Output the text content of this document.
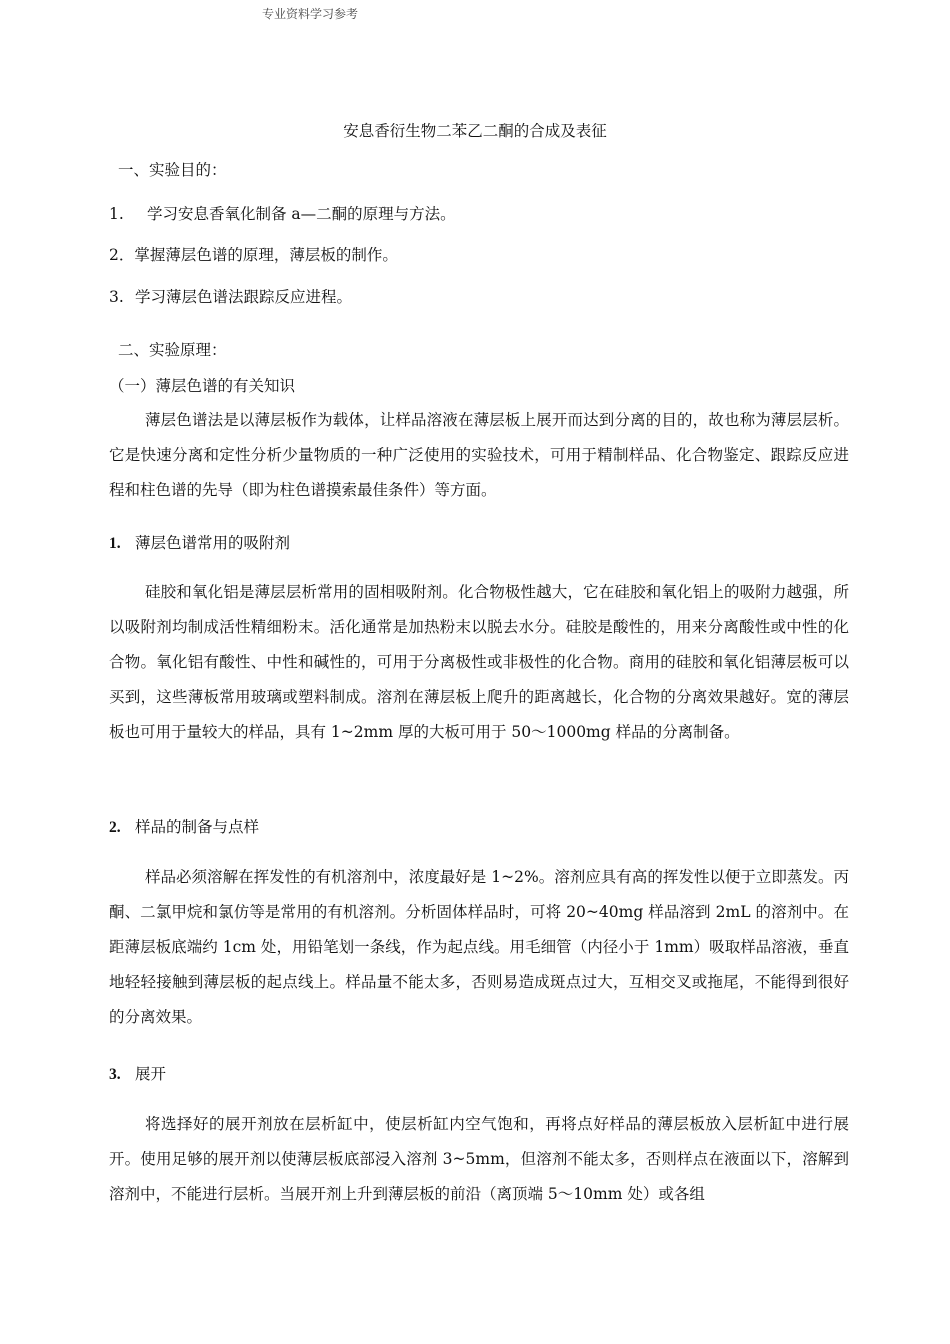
专业资料学习参考
安息香衍生物二苯乙二酮的合成及表征
一、实验目的：
1. 学习安息香氧化制备 a—二酮的原理与方法。
2．掌握薄层色谱的原理，薄层板的制作。
3. 学习薄层色谱法跟踪反应进程。
二、实验原理：
（一）薄层色谱的有关知识

薄层色谱法是以薄层板作为载体，让样品溶液在薄层板上展开而达到分离的目的，故也称为薄层层析。它是快速分离和定性分析少量物质的一种广泛使用的实验技术，可用于精制样品、化合物鉴定、跟踪反应进程和柱色谱的先导（即为柱色谱摸索最佳条件）等方面。

1. 薄层色谱常用的吸附剂

硅胶和氧化铝是薄层层析常用的固相吸附剂。化合物极性越大，它在硅胶和氧化铝上的吸附力越强，所以吸附剂均制成活性精细粉末。活化通常是加热粉末以脱去水分。硅胶是酸性的，用来分离酸性或中性的化合物。氧化铝有酸性、中性和碱性的，可用于分离极性或非极性的化合物。商用的硅胶和氧化铝薄层板可以买到，这些薄板常用玻璃或塑料制成。溶剂在薄层板上爬升的距离越长，化合物的分离效果越好。宽的薄层板也可用于量较大的样品，具有 1~2mm 厚的大板可用于 50～1000mg 样品的分离制备。

2. 样品的制备与点样

样品必须溶解在挥发性的有机溶剂中，浓度最好是 1~2%。溶剂应具有高的挥发性以便于立即蒸发。丙酮、二氯甲烷和氯仿等是常用的有机溶剂。分析固体样品时，可将 20~40mg 样品溶到 2mL 的溶剂中。在距薄层板底端约 1cm 处，用铅笔划一条线，作为起点线。用毛细管（内径小于 1mm）吸取样品溶液，垂直地轻轻接触到薄层板的起点线上。样品量不能太多，否则易造成斑点过大，互相交叉或拖尾，不能得到很好的分离效果。

3. 展开

将选择好的展开剂放在层析缸中，使层析缸内空气饱和，再将点好样品的薄层板放入层析缸中进行展开。使用足够的展开剂以使薄层板底部浸入溶剂 3~5mm，但溶剂不能太多，否则样点在液面以下，溶解到溶剂中，不能进行层析。当展开剂上升到薄层板的前沿（离顶端 5～10mm 处）或各组
